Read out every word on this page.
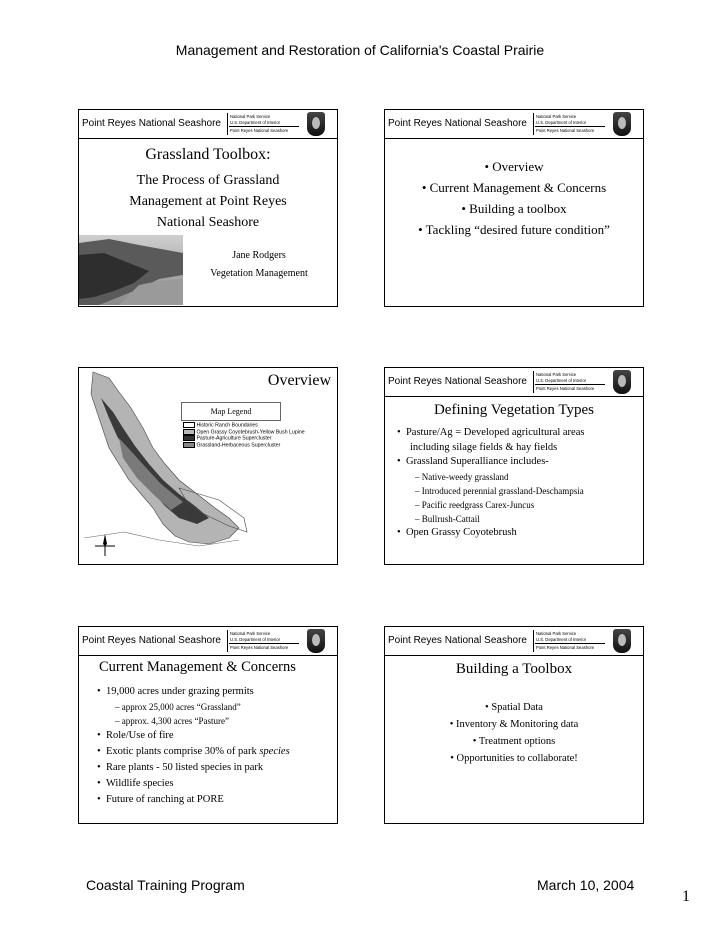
Management and Restoration of California's Coastal Prairie
Point Reyes National Seashore
National Park Service
U.S. Department of Interior
Point Reyes National Seashore
Grassland Toolbox:
The Process of Grassland
Management at Point Reyes
National Seashore
Jane Rodgers
Vegetation Management
Point Reyes National Seashore
National Park Service
U.S. Department of Interior
Point Reyes National Seashore
• Overview
• Current Management & Concerns
• Building a toolbox
• Tackling “desired future condition”
Overview
Map Legend
Historic Ranch Boundaries
Open Grassy Coyotebrush-Yellow Bush Lupine
Pasture-Agriculture Supercluster
Grassland-Herbaceous Supercluster
Point Reyes National Seashore
National Park Service
U.S. Department of Interior
Point Reyes National Seashore
Defining Vegetation Types
•  Pasture/Ag = Developed agricultural areas
including silage fields & hay fields
•  Grassland Superalliance includes-
– Native-weedy grassland
– Introduced perennial grassland-Deschampsia
– Pacific reedgrass Carex-Juncus
– Bullrush-Cattail
•  Open Grassy Coyotebrush
Point Reyes National Seashore
National Park Service
U.S. Department of Interior
Point Reyes National Seashore
Current Management & Concerns
•  19,000 acres under grazing permits
– approx 25,000 acres “Grassland”
– approx. 4,300 acres “Pasture”
•  Role/Use of fire
•  Exotic plants comprise 30% of park species
•  Rare plants - 50 listed species in park
•  Wildlife species
•  Future of ranching at PORE
Point Reyes National Seashore
National Park Service
U.S. Department of Interior
Point Reyes National Seashore
Building a Toolbox
• Spatial Data
• Inventory & Monitoring data
• Treatment options
• Opportunities to collaborate!
Coastal Training Program	March 10, 2004
1
